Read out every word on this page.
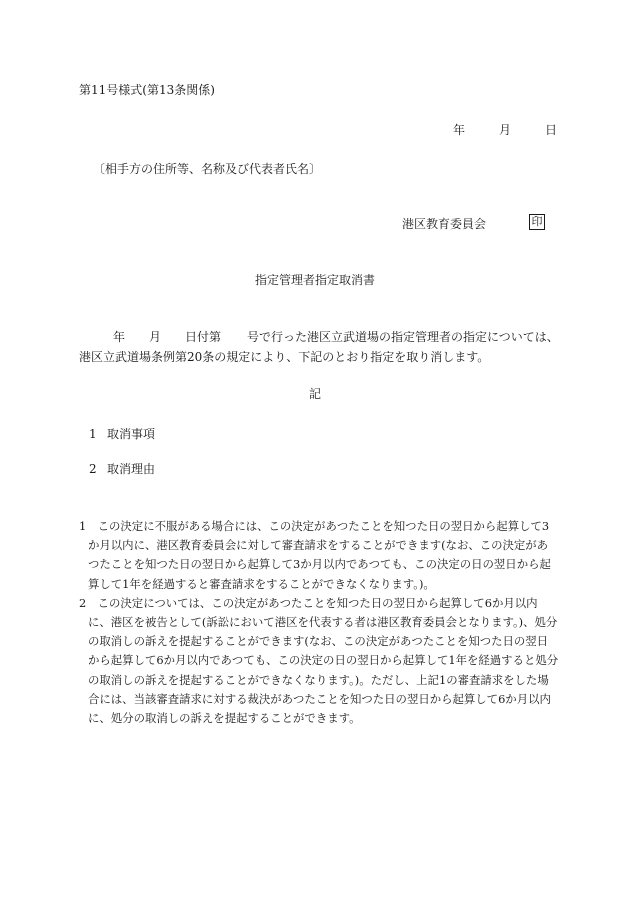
第11号様式(第13条関係)
年	月	日
〔相手方の住所等、名称及び代表者氏名〕
港区教育委員会	印
指定管理者指定取消書
年 月 日付第 号で行った港区立武道場の指定管理者の指定については、
港区立武道場条例第20条の規定により、下記のとおり指定を取り消します。
記
1 取消事項
2 取消理由
1　この決定に不服がある場合には、この決定があつたことを知つた日の翌日から起算して3か月以内に、港区教育委員会に対して審査請求をすることができます(なお、この決定があつたことを知つた日の翌日から起算して3か月以内であつても、この決定の日の翌日から起算して1年を経過すると審査請求をすることができなくなります。)。
2　この決定については、この決定があつたことを知つた日の翌日から起算して6か月以内に、港区を被告として(訴訟において港区を代表する者は港区教育委員会となります。)、処分の取消しの訴えを提起することができます(なお、この決定があつたことを知つた日の翌日から起算して6か月以内であつても、この決定の日の翌日から起算して1年を経過すると処分の取消しの訴えを提起することができなくなります。)。ただし、上記1の審査請求をした場合には、当該審査請求に対する裁決があつたことを知つた日の翌日から起算して6か月以内に、処分の取消しの訴えを提起することができます。
